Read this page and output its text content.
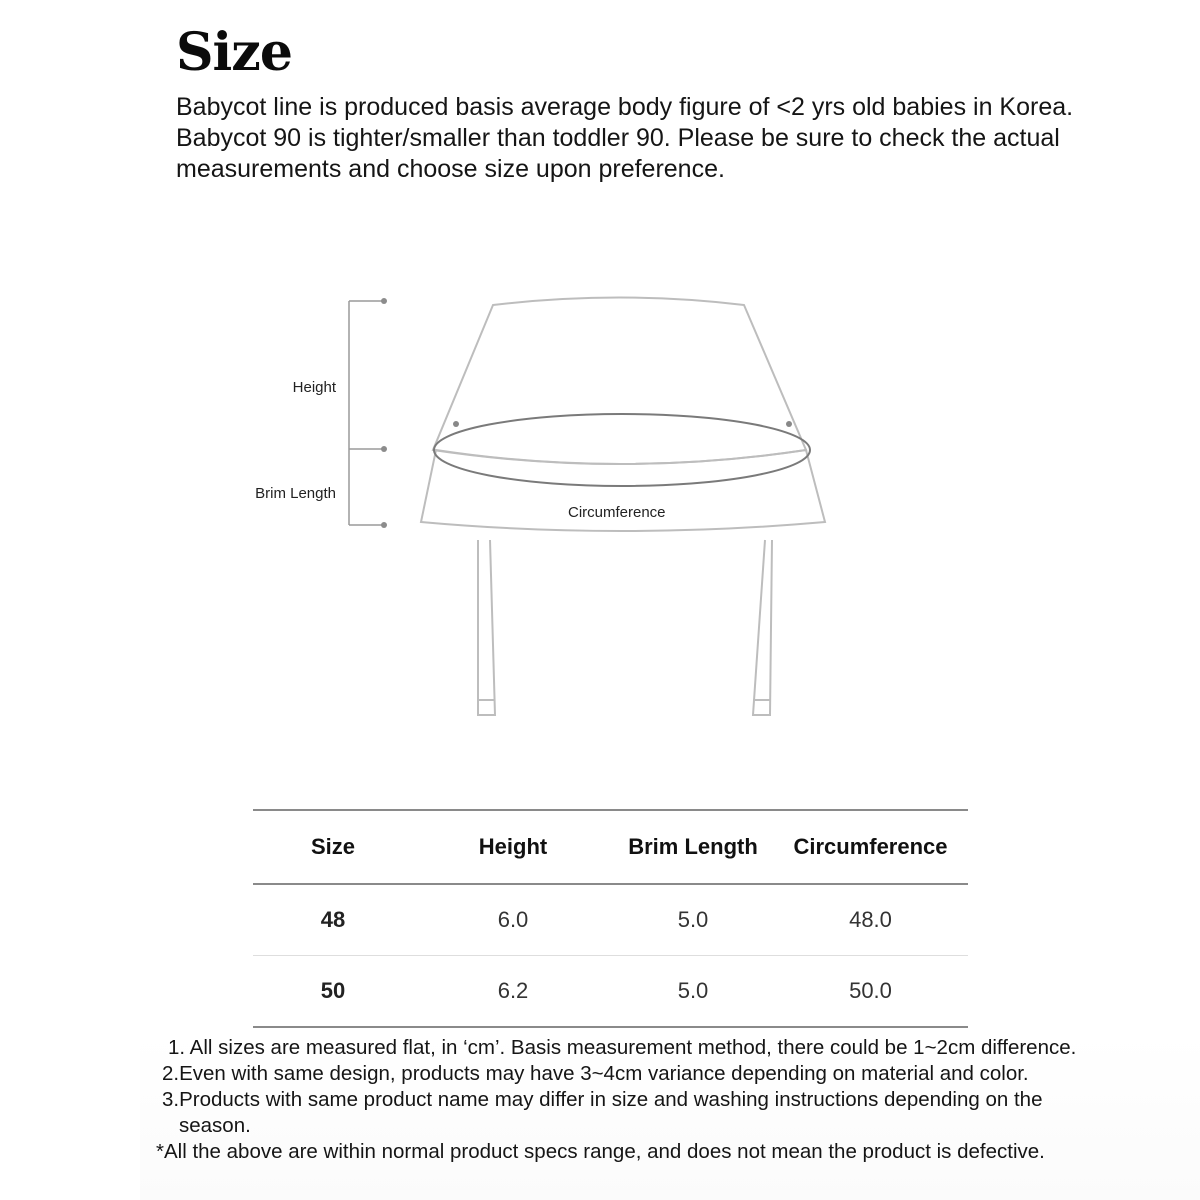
Size

Babycot line is produced basis average body figure of <2 yrs old babies in Korea. Babycot 90 is tighter/smaller than toddler 90. Please be sure to check the actual measurements and choose size upon preference.

Height
Brim Length
Circumference
Size	Height	Brim Length	Circumference
48	6.0	5.0	48.0
50	6.2	5.0	50.0
1. All sizes are measured flat, in ‘cm’. Basis measurement method, there could be 1~2cm difference.
2.Even with same design, products may have 3~4cm variance depending on material and color.
3.Products with same product name may differ in size and washing instructions depending on the
season.
*All the above are within normal product specs range, and does not mean the product is defective.
